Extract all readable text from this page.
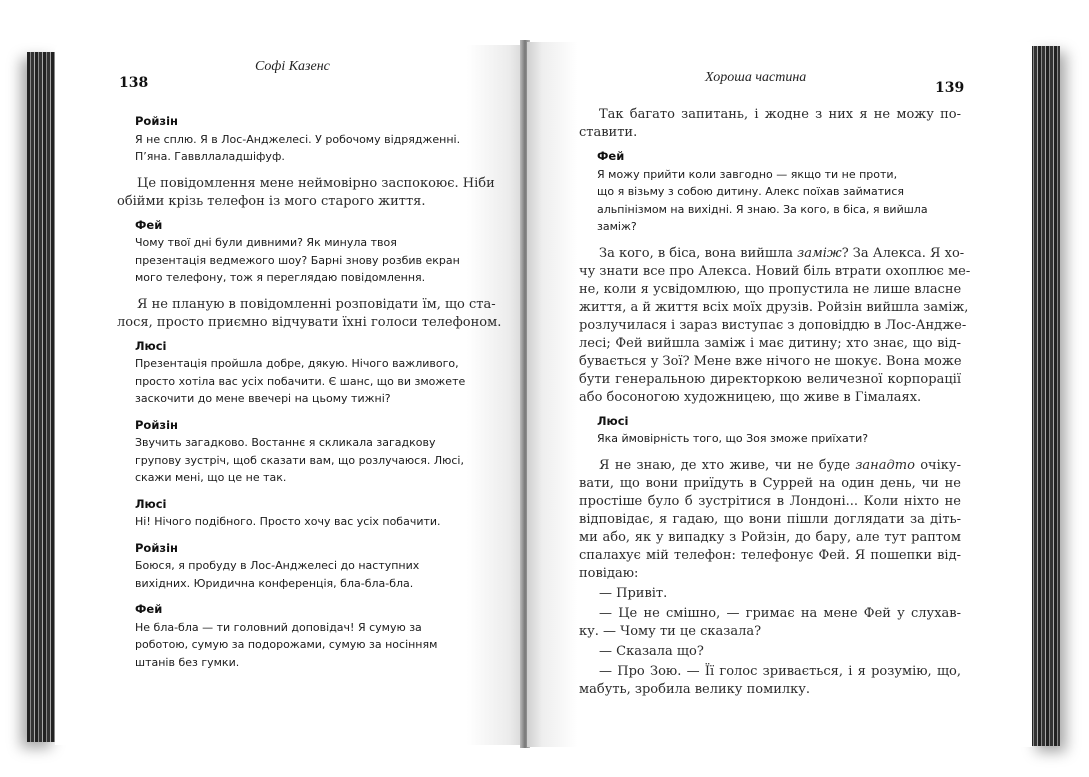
138
Софі Казенс
Ройзін
Я не сплю. Я в Лос-Анджелесі. У робочому відрядженні.
П’яна. Гаввллаладшіфуф.
Це повідомлення мене неймовірно заспокоює. Ніби
обійми крізь телефон із мого старого життя.
Фей
Чому твої дні були дивними? Як минула твоя
презентація ведмежого шоу? Барні знову розбив екран
мого телефону, тож я переглядаю повідомлення.
Я не планую в повідомленні розповідати їм, що ста-
лося, просто приємно відчувати їхні голоси телефоном.
Люсі
Презентація пройшла добре, дякую. Нічого важливого,
просто хотіла вас усіх побачити. Є шанс, що ви зможете
заскочити до мене ввечері на цьому тижні?
Ройзін
Звучить загадково. Востаннє я скликала загадкову
групову зустріч, щоб сказати вам, що розлучаюся. Люсі,
скажи мені, що це не так.
Люсі
Ні! Нічого подібного. Просто хочу вас усіх побачити.
Ройзін
Боюся, я пробуду в Лос-Анджелесі до наступних
вихідних. Юридична конференція, бла-бла-бла.
Фей
Не бла-бла — ти головний доповідач! Я сумую за
роботою, сумую за подорожами, сумую за носінням
штанів без гумки.
Хороша частина
139
Так багато запитань, і жодне з них я не можу по-
ставити.
Фей
Я можу прийти коли завгодно — якщо ти не проти,
що я візьму з собою дитину. Алекс поїхав займатися
альпінізмом на вихідні. Я знаю. За кого, в біса, я вийшла
заміж?
За кого, в біса, вона вийшла заміж? За Алекса. Я хо-
чу знати все про Алекса. Новий біль втрати охоплює ме-
не, коли я усвідомлюю, що пропустила не лише власне
життя, а й життя всіх моїх друзів. Ройзін вийшла заміж,
розлучилася і зараз виступає з доповіддю в Лос-Андже-
лесі; Фей вийшла заміж і має дитину; хто знає, що від-
бувається у Зої? Мене вже нічого не шокує. Вона може
бути генеральною директоркою величезної корпорації
або босоногою художницею, що живе в Гімалаях.
Люсі
Яка ймовірність того, що Зоя зможе приїхати?
Я не знаю, де хто живе, чи не буде занадто очіку-
вати, що вони приїдуть в Суррей на один день, чи не
простіше було б зустрітися в Лондоні... Коли ніхто не
відповідає, я гадаю, що вони пішли доглядати за діть-
ми або, як у випадку з Ройзін, до бару, але тут раптом
спалахує мій телефон: телефонує Фей. Я пошепки від-
повідаю:
— Привіт.
— Це не смішно, — гримає на мене Фей у слухав-
ку. — Чому ти це сказала?
— Сказала що?
— Про Зою. — Її голос зривається, і я розумію, що,
мабуть, зробила велику помилку.
